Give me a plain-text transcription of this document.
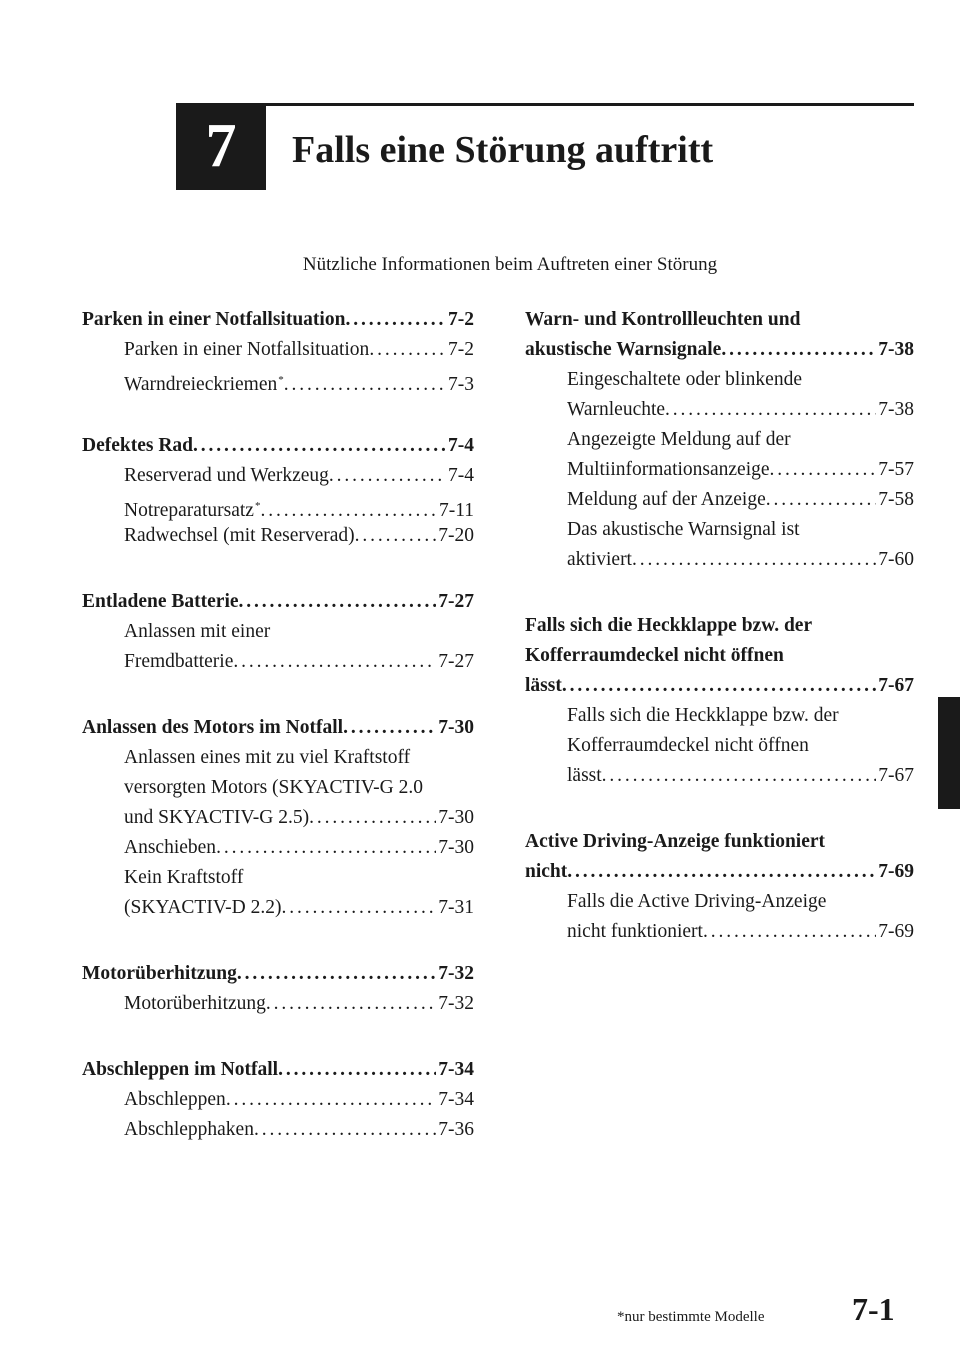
7 Falls eine Störung auftritt
Nützliche Informationen beim Auftreten einer Störung
Parken in einer Notfallsituation . . .	7-2
Parken in einer Notfallsituation . . .	7-2
Warndreieckriemen* . . .	7-3
Defektes Rad . . .	7-4
Reserverad und Werkzeug . . .	7-4
Notreparatursatz* . . .	7-11
Radwechsel (mit Reserverad) . . .	7-20
Entladene Batterie . . .	7-27
Anlassen mit einer
Fremdbatterie . . .	7-27
Anlassen des Motors im Notfall . . .	7-30
Anlassen eines mit zu viel Kraftstoff
versorgten Motors (SKYACTIV-G 2.0
und SKYACTIV-G 2.5) . . .	7-30
Anschieben . . .	7-30
Kein Kraftstoff
(SKYACTIV-D 2.2) . . .	7-31
Motorüberhitzung . . .	7-32
Motorüberhitzung . . .	7-32
Abschleppen im Notfall . . .	7-34
Abschleppen . . .	7-34
Abschlepphaken . . .	7-36
Warn- und Kontrollleuchten und
akustische Warnsignale . . .	7-38
Eingeschaltete oder blinkende
Warnleuchte . . .	7-38
Angezeigte Meldung auf der
Multiinformationsanzeige . . .	7-57
Meldung auf der Anzeige . . .	7-58
Das akustische Warnsignal ist
aktiviert . . .	7-60
Falls sich die Heckklappe bzw. der
Kofferraumdeckel nicht öffnen
lässt . . .	7-67
Falls sich die Heckklappe bzw. der
Kofferraumdeckel nicht öffnen
lässt . . .	7-67
Active Driving-Anzeige funktioniert
nicht . . .	7-69
Falls die Active Driving-Anzeige
nicht funktioniert . . .	7-69
*nur bestimmte Modelle	7-1
